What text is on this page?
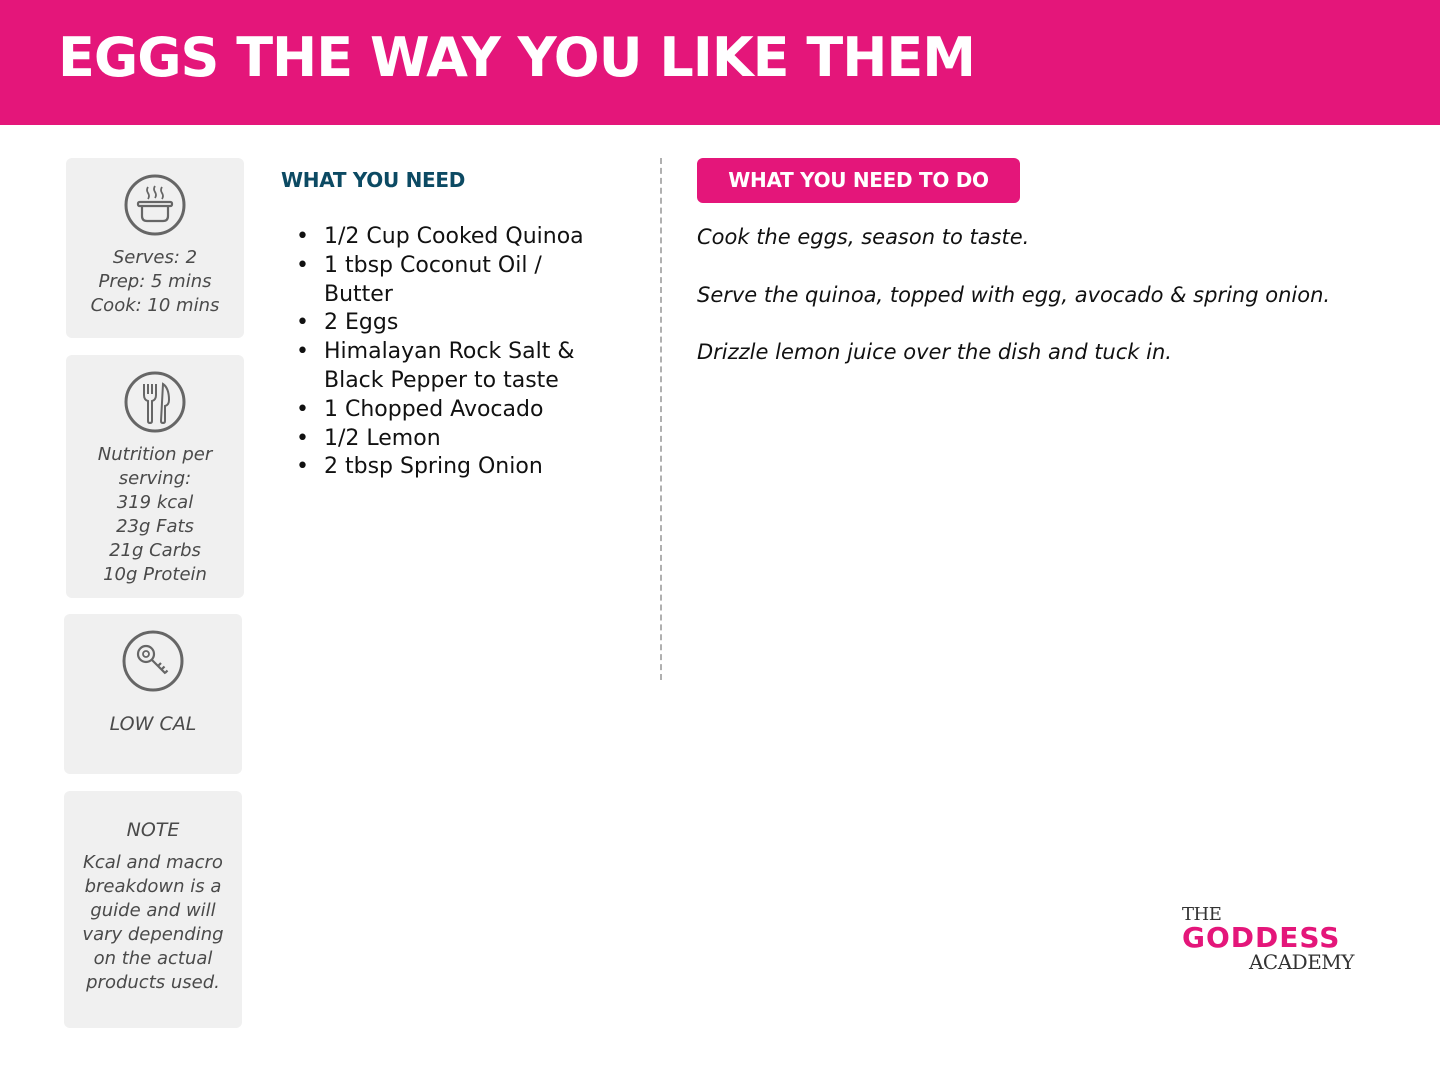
EGGS THE WAY YOU LIKE THEM
Serves: 2
Prep: 5 mins
Cook: 10 mins
Nutrition per
serving:
319 kcal
23g Fats
21g Carbs
10g Protein
LOW CAL
NOTE
Kcal and macro
breakdown is a
guide and will
vary depending
on the actual
products used.
WHAT YOU NEED
• 1/2 Cup Cooked Quinoa
• 1 tbsp Coconut Oil / Butter
• 2 Eggs
• Himalayan Rock Salt & Black Pepper to taste
• 1 Chopped Avocado
• 1/2 Lemon
• 2 tbsp Spring Onion
WHAT YOU NEED TO DO

Cook the eggs, season to taste.

Serve the quinoa, topped with egg, avocado & spring onion.

Drizzle lemon juice over the dish and tuck in.

THE
GODDESS
ACADEMY
